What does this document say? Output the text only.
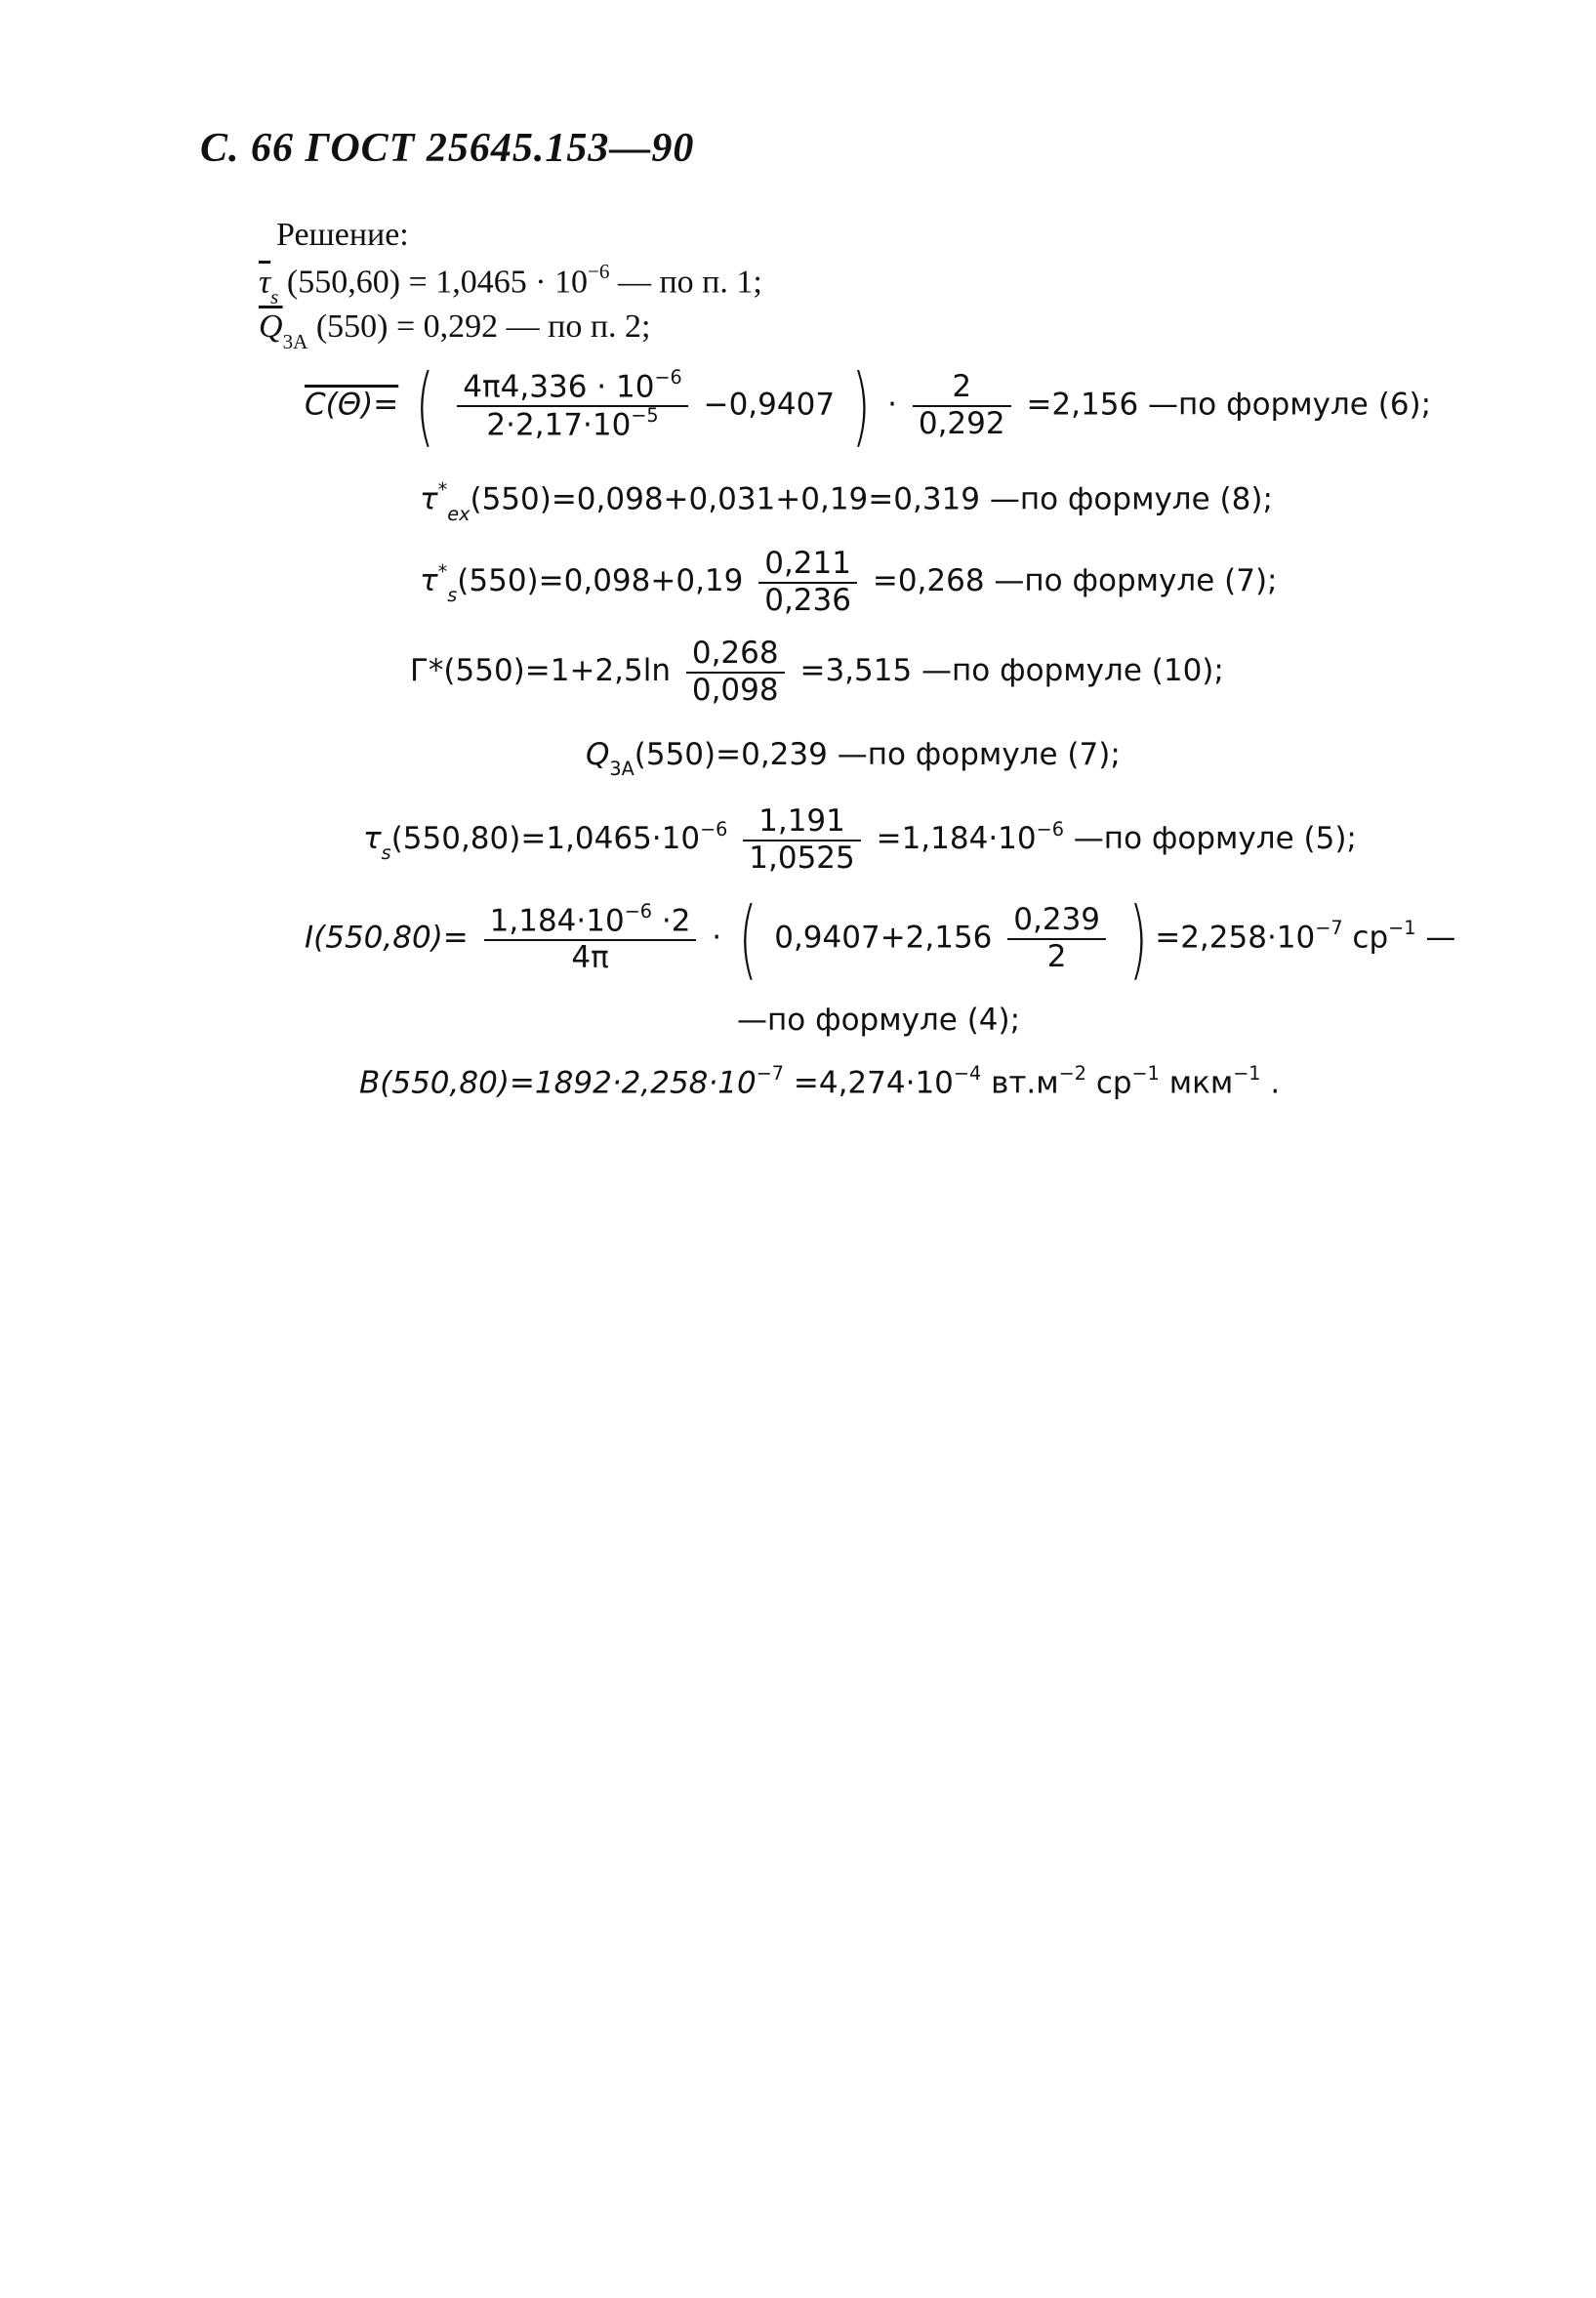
С. 66 ГОСТ 25645.153—90
Решение:
$\overline{\tau}_s$ $(550,60) = 1,0465 \cdot 10^{-6}$ — по п. 1;
$\overline{Q}_{3A}$ (550) = 0,292 — по п. 2;
C(Θ)= ( $\frac{4\pi 4,336 \cdot 10^{-6}}{2\cdot 2,17\cdot 10^{-5}} -0,9407$ ) · $\frac{2}{0,292} =2,156$ —по формуле (6);
$\tau^*_{ex}(550)=0,098+0,031+0,19=0,319$ —по формуле (8);
$\tau^*_s(550)=0,098+0,19 \frac{0,211}{0,236} =0,268$ —по формуле (7);
$Г*(550)=1+2,5\ln \frac{0,268}{0,098} =3,515$ —по формуле (10);
$Q_{3A}(550)=0,239$ —по формуле (7);
$\tau_s(550,80)=1,0465\cdot 10^{-6} \frac{1,191}{1,0525} =1,184\cdot 10^{-6}$ —по формуле (5);
$I(550,80)= \frac{1,184\cdot 10^{-6} \cdot 2}{4\pi}$ · ( $0,9407+2,156 \frac{0,239}{2}$ ) $=2,258\cdot 10^{-7}$ $ср^{-1}$ —
—по формуле (4);
$B(550,80)=1892\cdot 2,258\cdot 10^{-7} =4,274\cdot 10^{-4}$ $вт.м^{-2}$ $ср^{-1}$ мкм$^{-1}$ .
